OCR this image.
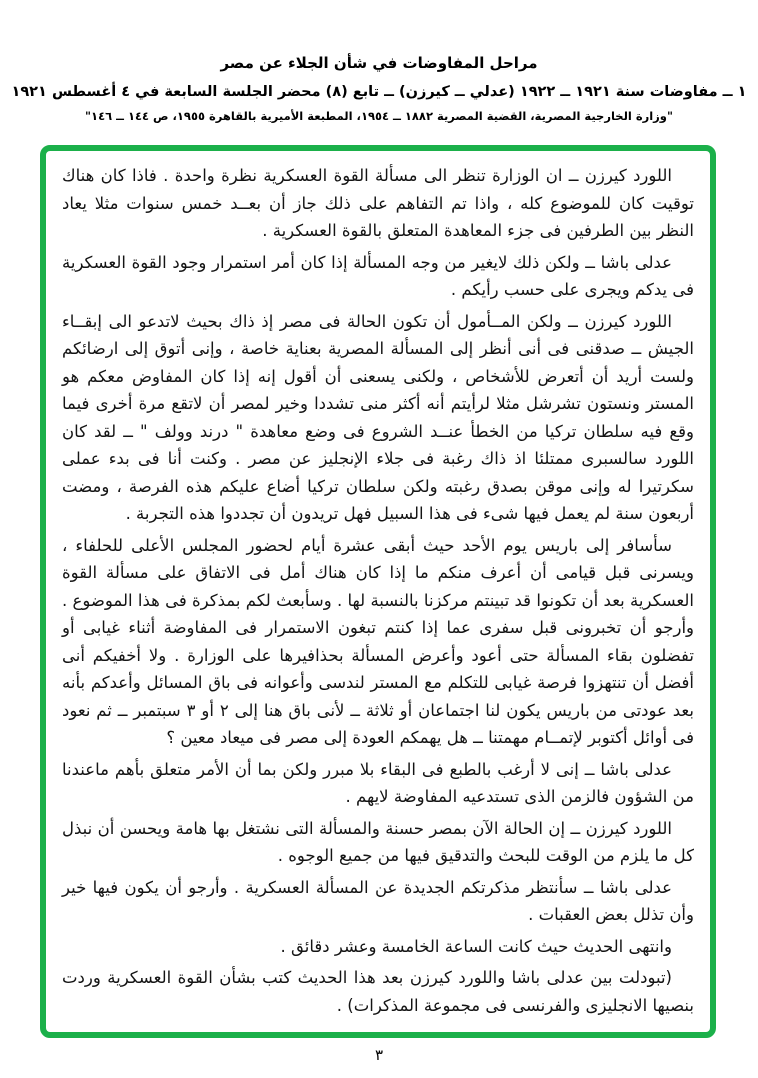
مراحل المفاوضات في شأن الجلاء عن مصر
١ ــ مفاوضات سنة ١٩٢١ ــ ١٩٢٢ (عدلي ــ كيرزن) ــ تابع (٨) محضر الجلسة السابعة في ٤ أغسطس ١٩٢١
"وزارة الخارجية المصرية، القضية المصرية ١٨٨٢ ــ ١٩٥٤، المطبعة الأميرية بالقاهرة ١٩٥٥، ص ١٤٤ ــ ١٤٦"

اللورد كيرزن ــ ان الوزارة تنظر الى مسألة القوة العسكرية نظرة واحدة . فاذا كان هناك توقيت كان للموضوع كله ، واذا تم التفاهم على ذلك جاز أن بعــد خمس سنوات مثلا يعاد النظر بين الطرفين فى جزء المعاهدة المتعلق بالقوة العسكرية .

عدلى باشا ــ ولكن ذلك لايغير من وجه المسألة إذا كان أمر استمرار وجود القوة العسكرية فى يدكم ويجرى على حسب رأيكم .

اللورد كيرزن ــ ولكن المــأمول أن تكون الحالة فى مصر إذ ذاك بحيث لاتدعو الى إبقــاء الجيش ــ صدقنى فى أنى أنظر إلى المسألة المصرية بعناية خاصة ، وإنى أتوق إلى ارضائكم ولست أريد أن أتعرض للأشخاص ، ولكنى يسعنى أن أقول إنه إذا كان المفاوض معكم هو المستر ونستون تشرشل مثلا لرأيتم أنه أكثر منى تشددا وخير لمصر أن لاتقع مرة أخرى فيما وقع فيه سلطان تركيا من الخطأ عنــد الشروع فى وضع معاهدة " درند وولف " ــ لقد كان اللورد سالسبرى ممتلئا اذ ذاك رغبة فى جلاء الإنجليز عن مصر . وكنت أنا فى بدء عملى سكرتيرا له وإنى موقن بصدق رغبته ولكن سلطان تركيا أضاع عليكم هذه الفرصة ، ومضت أربعون سنة لم يعمل فيها شىء فى هذا السبيل فهل تريدون أن تجددوا هذه التجربة .

سأسافر إلى باريس يوم الأحد حيث أبقى عشرة أيام لحضور المجلس الأعلى للحلفاء ، ويسرنى قبل قيامى أن أعرف منكم ما إذا كان هناك أمل فى الاتفاق على مسألة القوة العسكرية بعد أن تكونوا قد تبينتم مركزنا بالنسبة لها . وسأبعث لكم بمذكرة فى هذا الموضوع . وأرجو أن تخبرونى قبل سفرى عما إذا كنتم تبغون الاستمرار فى المفاوضة أثناء غيابى أو تفضلون بقاء المسألة حتى أعود وأعرض المسألة بحذافيرها على الوزارة . ولا أخفيكم أنى أفضل أن تنتهزوا فرصة غيابى للتكلم مع المستر لندسى وأعوانه فى باق المسائل وأعدكم بأنه بعد عودتى من باريس يكون لنا اجتماعان أو ثلاثة ــ لأنى باق هنا إلى ٢ أو ٣ سبتمبر ــ ثم نعود فى أوائل أكتوبر لإتمــام مهمتنا ــ هل يهمكم العودة إلى مصر فى ميعاد معين ؟

عدلى باشا ــ إنى لا أرغب بالطبع فى البقاء بلا مبرر ولكن بما أن الأمر متعلق بأهم ماعندنا من الشؤون فالزمن الذى تستدعيه المفاوضة لايهم .

اللورد كيرزن ــ إن الحالة الآن بمصر حسنة والمسألة التى نشتغل بها هامة ويحسن أن نبذل كل ما يلزم من الوقت للبحث والتدقيق فيها من جميع الوجوه .

عدلى باشا ــ سأنتظر مذكرتكم الجديدة عن المسألة العسكرية . وأرجو أن يكون فيها خير وأن تذلل بعض العقبات .

وانتهى الحديث حيث كانت الساعة الخامسة وعشر دقائق .

(تبودلت بين عدلى باشا واللورد كيرزن بعد هذا الحديث كتب بشأن القوة العسكرية وردت بنصيها الانجليزى والفرنسى فى مجموعة المذكرات) .

٣
